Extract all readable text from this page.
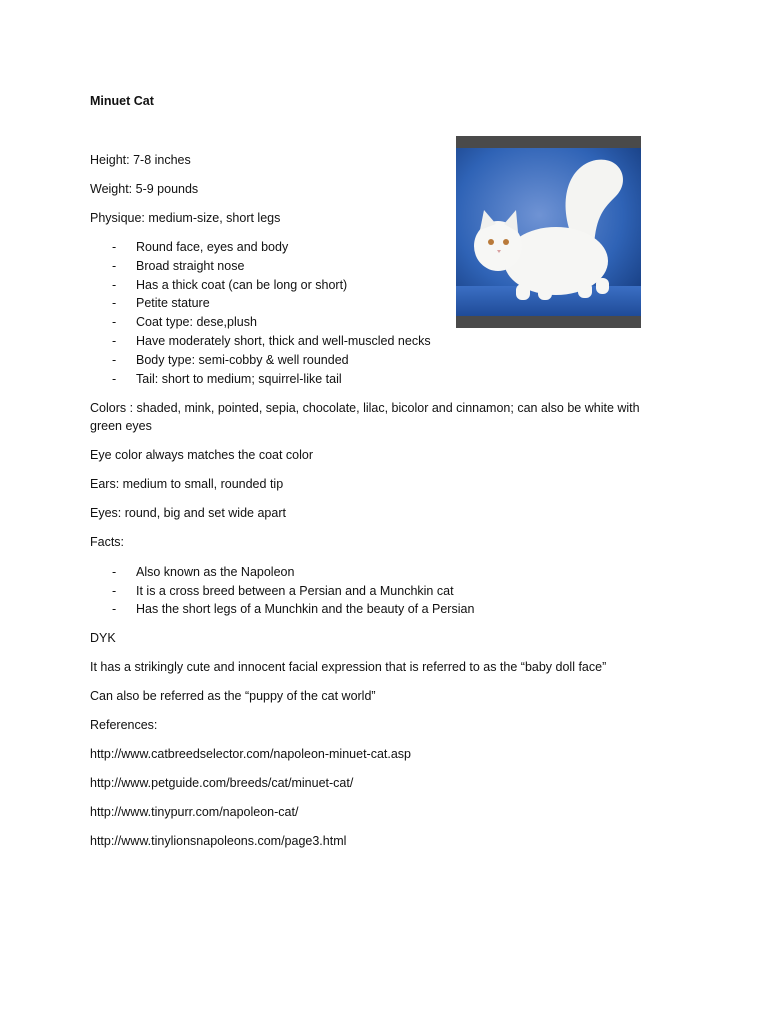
Minuet Cat
Height: 7-8 inches
Weight: 5-9 pounds
Physique: medium-size, short legs
- Round face, eyes and body
- Broad straight nose
- Has a thick coat (can be long or short)
- Petite stature
- Coat type: dese,plush
- Have moderately short, thick and well-muscled necks
- Body type: semi-cobby & well rounded
- Tail: short to medium; squirrel-like tail
Colors : shaded, mink, pointed, sepia, chocolate, lilac, bicolor and cinnamon; can also be white with green eyes
Eye color always matches the coat color
Ears: medium to small, rounded tip
Eyes: round, big and set wide apart
Facts:
- Also known as the Napoleon
- It is a cross breed between a Persian and a Munchkin cat
- Has the short legs of a Munchkin and the beauty of a Persian
DYK
It has a strikingly cute and innocent facial expression that is referred to as the “baby doll face”
Can also be referred as the “puppy of the cat world”
References:
http://www.catbreedselector.com/napoleon-minuet-cat.asp
http://www.petguide.com/breeds/cat/minuet-cat/
http://www.tinypurr.com/napoleon-cat/
http://www.tinylionsnapoleons.com/page3.html
